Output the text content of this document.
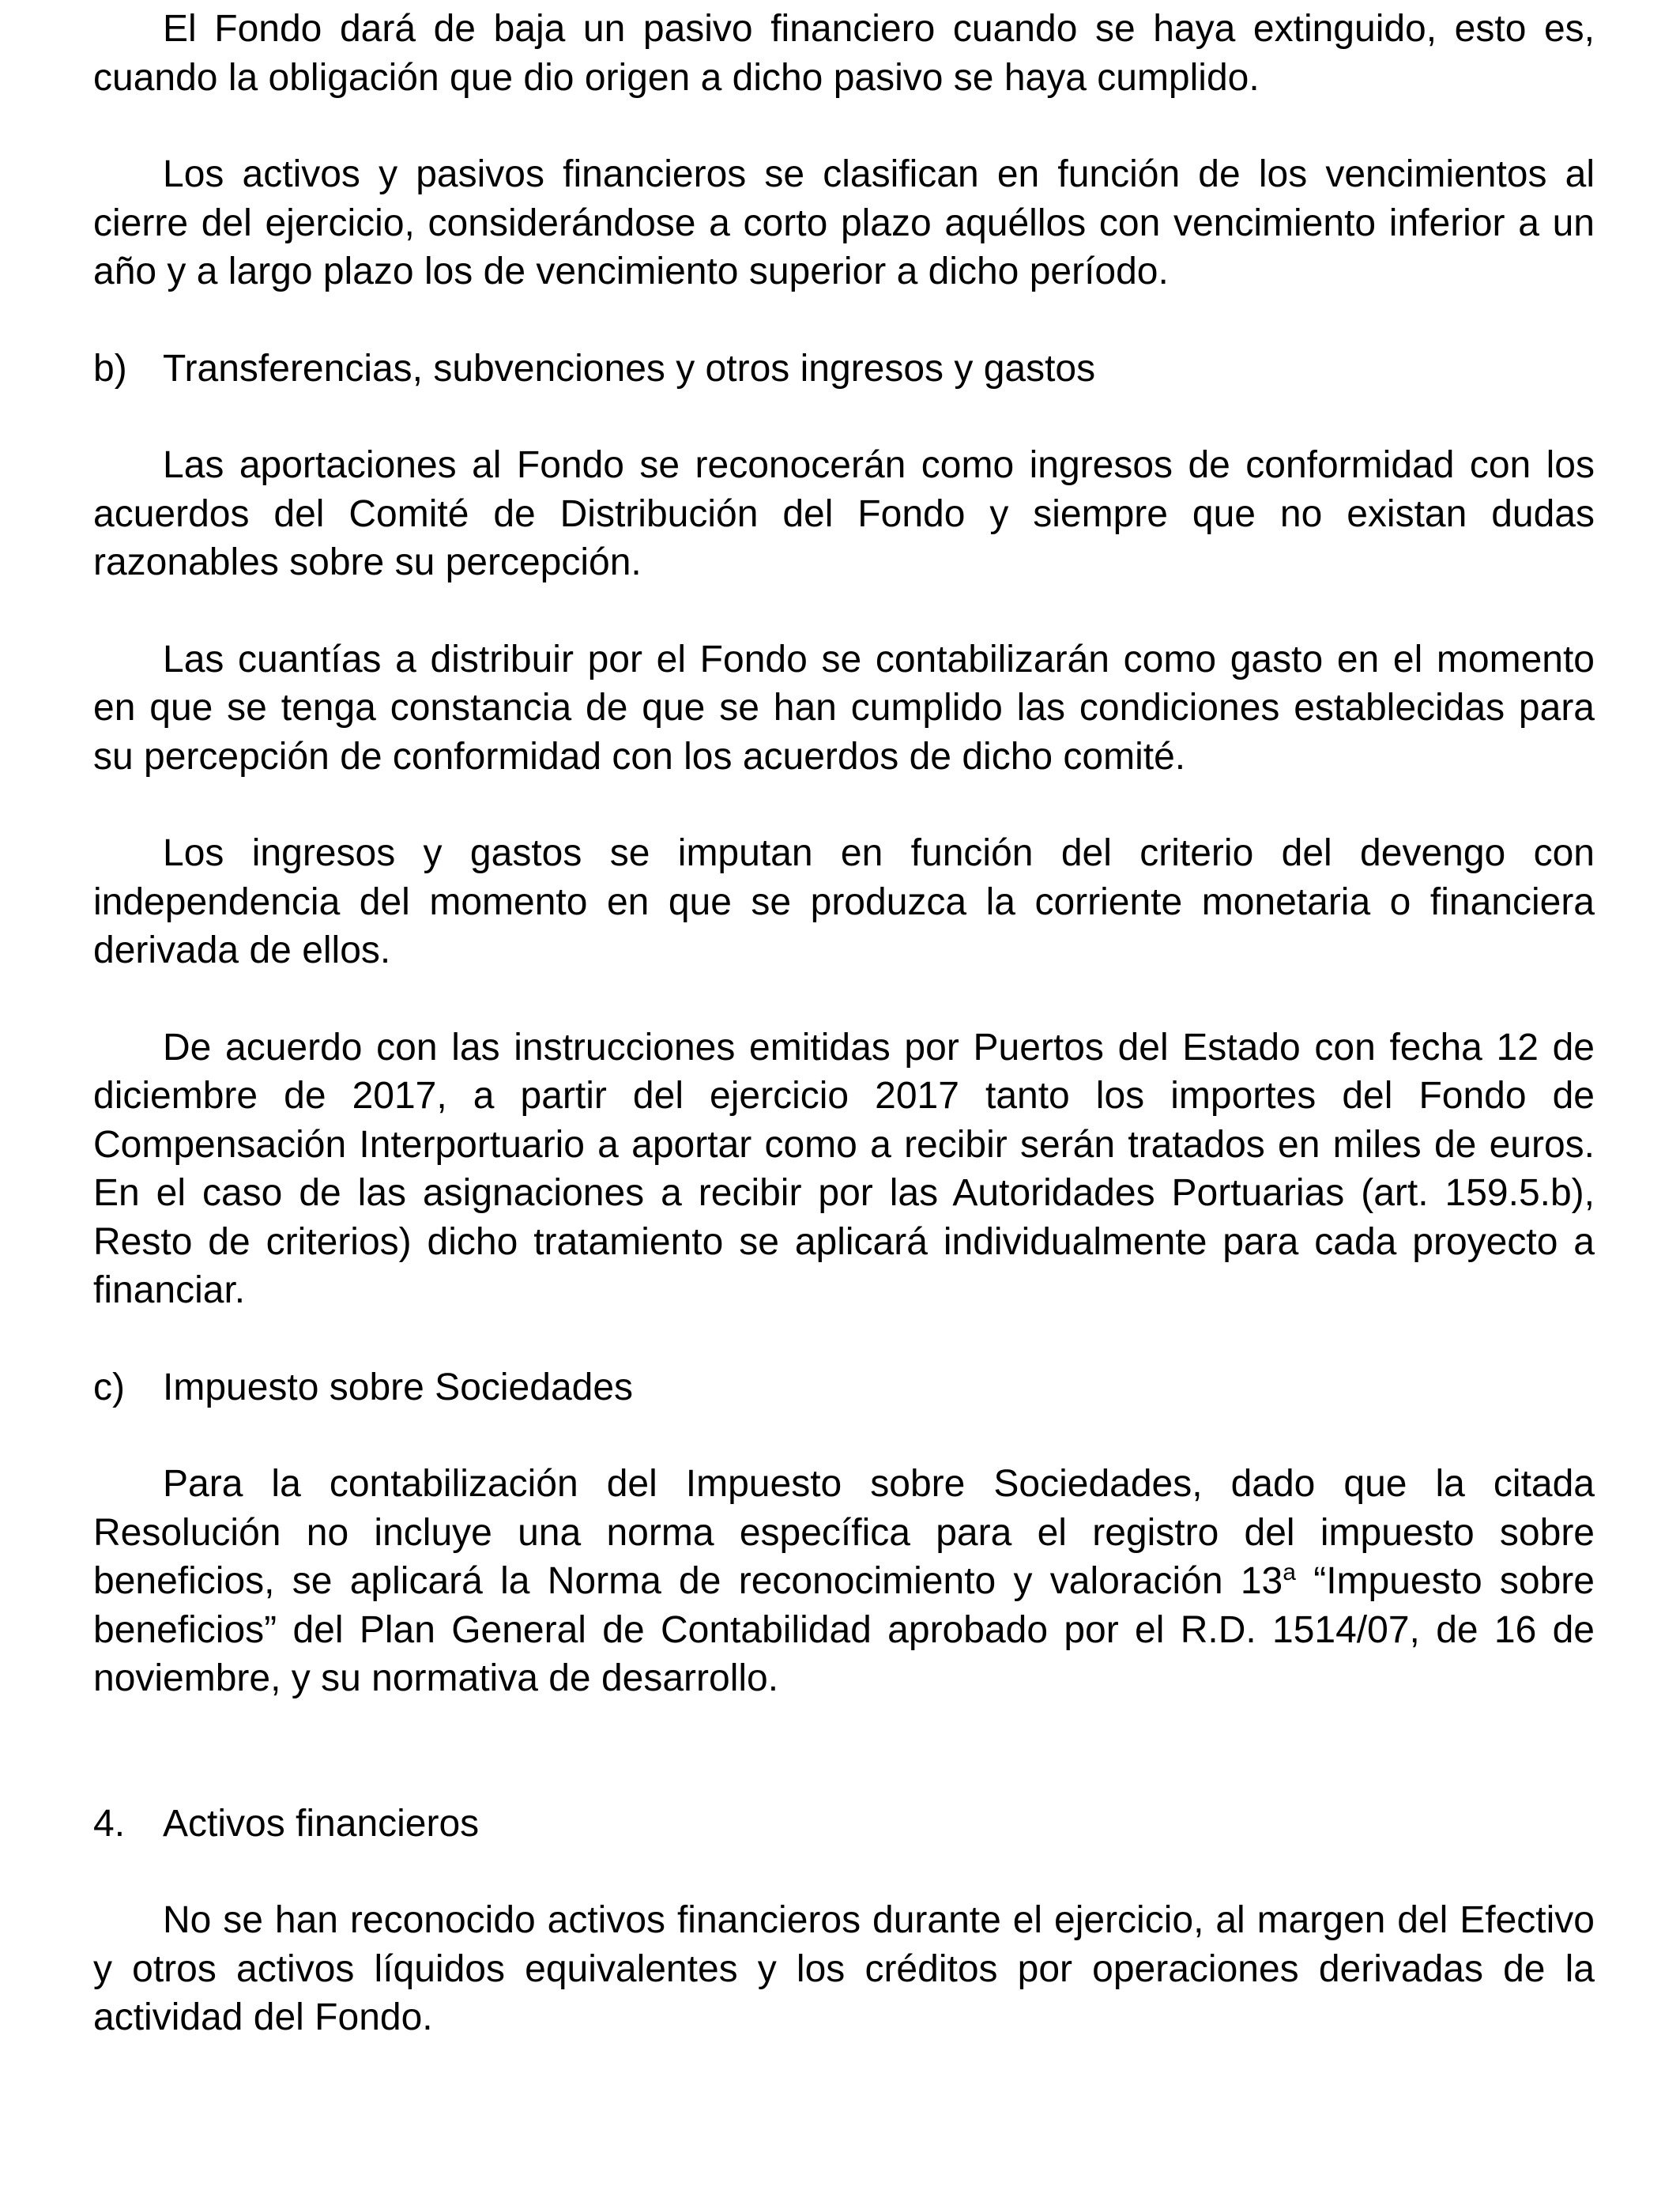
El Fondo dará de baja un pasivo financiero cuando se haya extinguido, esto es, cuando la obligación que dio origen a dicho pasivo se haya cumplido.

Los activos y pasivos financieros se clasifican en función de los vencimientos al cierre del ejercicio, considerándose a corto plazo aquéllos con vencimiento inferior a un año y a largo plazo los de vencimiento superior a dicho período.

b) Transferencias, subvenciones y otros ingresos y gastos

Las aportaciones al Fondo se reconocerán como ingresos de conformidad con los acuerdos del Comité de Distribución del Fondo y siempre que no existan dudas razonables sobre su percepción.

Las cuantías a distribuir por el Fondo se contabilizarán como gasto en el momento en que se tenga constancia de que se han cumplido las condiciones establecidas para su percepción de conformidad con los acuerdos de dicho comité.

Los ingresos y gastos se imputan en función del criterio del devengo con independencia del momento en que se produzca la corriente monetaria o financiera derivada de ellos.

De acuerdo con las instrucciones emitidas por Puertos del Estado con fecha 12 de diciembre de 2017, a partir del ejercicio 2017 tanto los importes del Fondo de Compensación Interportuario a aportar como a recibir serán tratados en miles de euros. En el caso de las asignaciones a recibir por las Autoridades Portuarias (art. 159.5.b), Resto de criterios) dicho tratamiento se aplicará individualmente para cada proyecto a financiar.

c)	Impuesto sobre Sociedades

Para la contabilización del Impuesto sobre Sociedades, dado que la citada Resolución no incluye una norma específica para el registro del impuesto sobre beneficios, se aplicará la Norma de reconocimiento y valoración 13$^a$ “Impuesto sobre beneficios” del Plan General de Contabilidad aprobado por el R.D. 1514/07, de 16 de noviembre, y su normativa de desarrollo.

4. Activos financieros

No se han reconocido activos financieros durante el ejercicio, al margen del Efectivo y otros activos líquidos equivalentes y los créditos por operaciones derivadas de la actividad del Fondo.
